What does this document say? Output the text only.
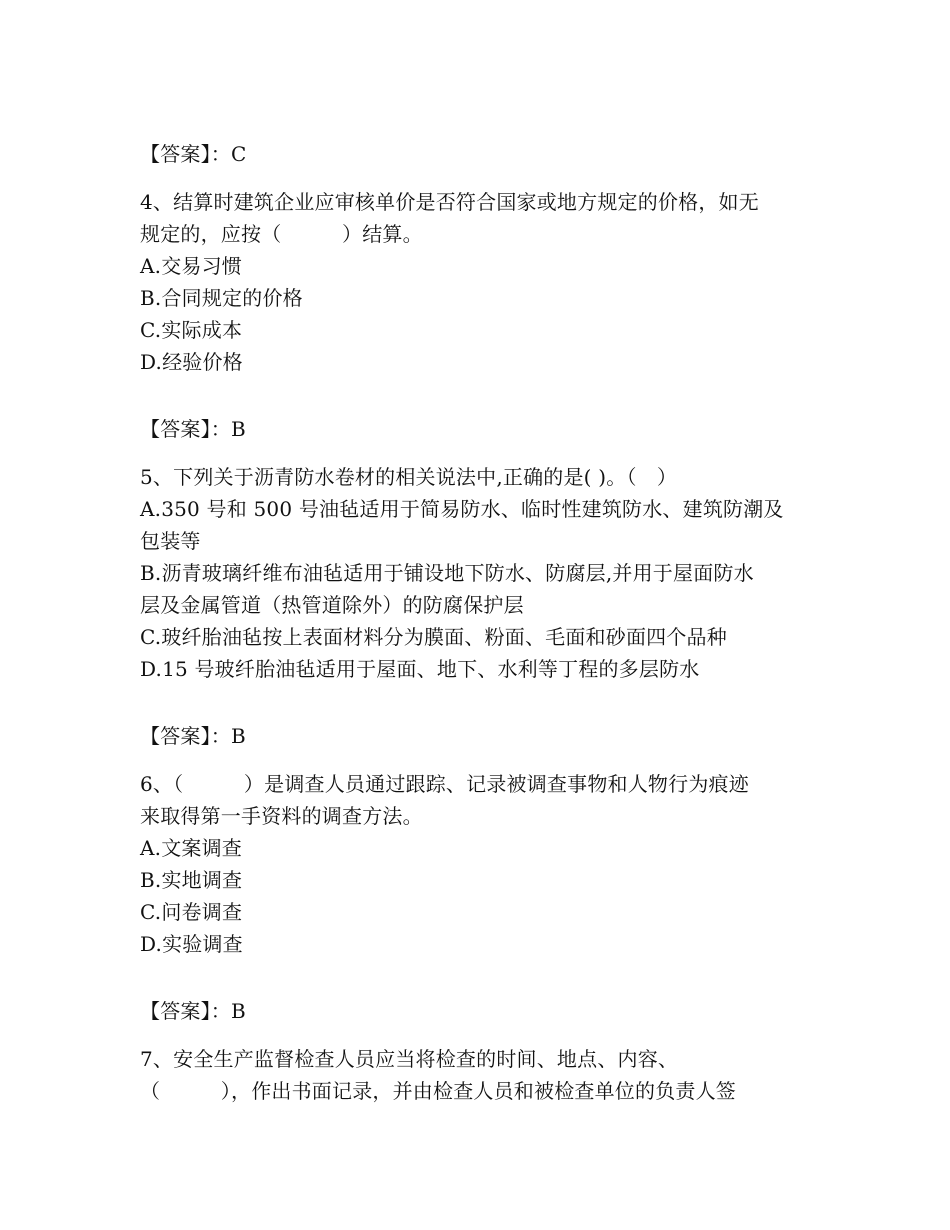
【答案】：C
4、结算时建筑企业应审核单价是否符合国家或地方规定的价格，如无
规定的，应按（　　　）结算。
A.交易习惯
B.合同规定的价格
C.实际成本
D.经验价格
【答案】：B
5、下列关于沥青防水卷材的相关说法中,正确的是( )。（　）
A.350 号和 500 号油毡适用于简易防水、临时性建筑防水、建筑防潮及
包装等
B.沥青玻璃纤维布油毡适用于铺设地下防水、防腐层,并用于屋面防水
层及金属管道（热管道除外）的防腐保护层
C.玻纤胎油毡按上表面材料分为膜面、粉面、毛面和砂面四个品种
D.15 号玻纤胎油毡适用于屋面、地下、水利等丁程的多层防水
【答案】：B
6、（　　　）是调查人员通过跟踪、记录被调查事物和人物行为痕迹
来取得第一手资料的调查方法。
A.文案调查
B.实地调查
C.问卷调查
D.实验调查
【答案】：B
7、安全生产监督检查人员应当将检查的时间、地点、内容、
（　　　），作出书面记录，并由检查人员和被检查单位的负责人签
